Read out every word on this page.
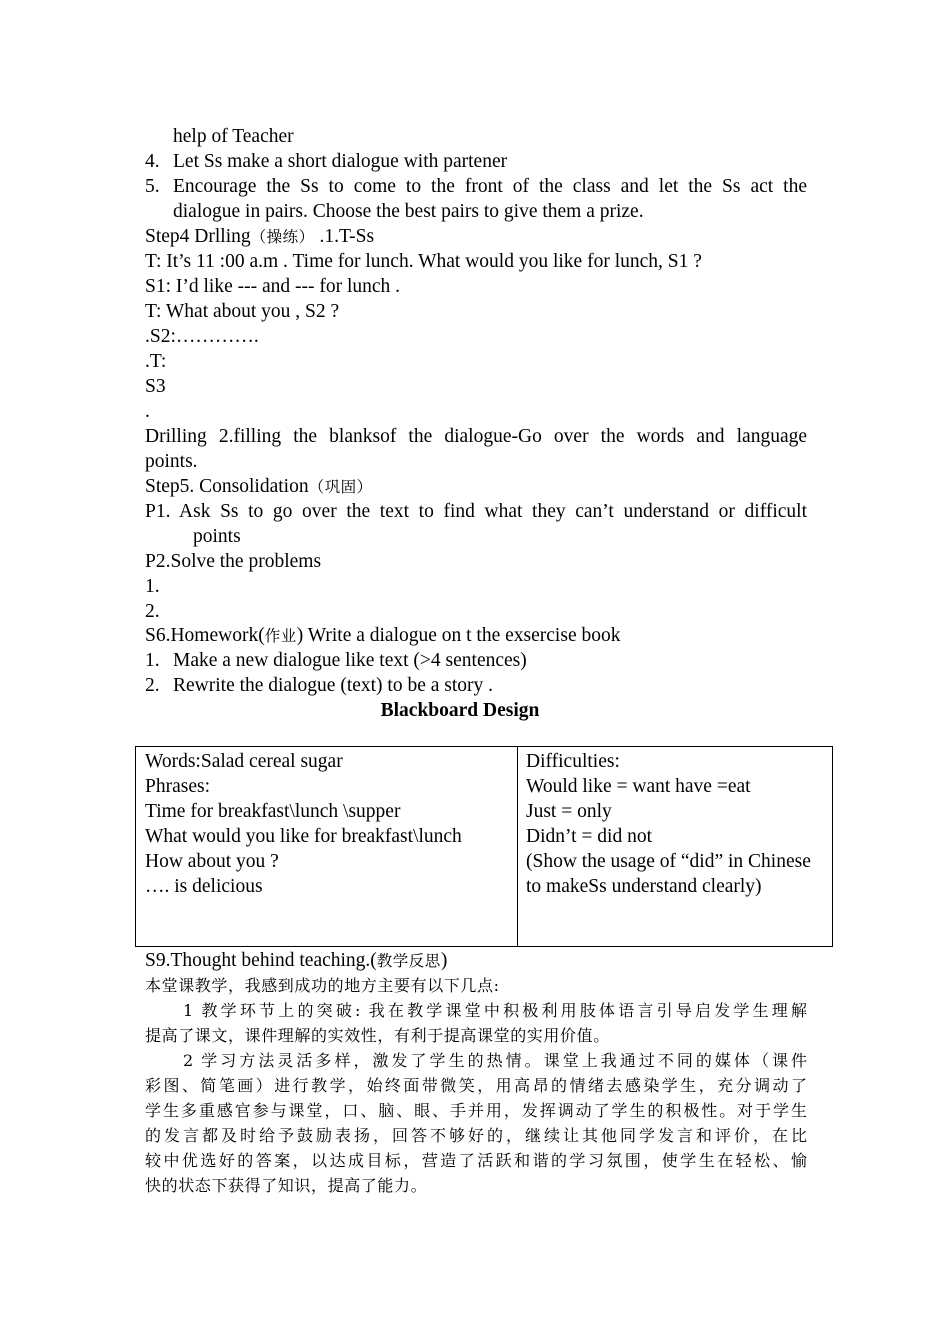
help of Teacher
4. Let Ss make a short dialogue with partener
5. Encourage the Ss to come to the front of the class and let the Ss act the
dialogue in pairs. Choose the best pairs to give them a prize.
Step4 Drlling（操练） .1.T-Ss
T: It’s 11 :00 a.m . Time for lunch. What would you like for lunch, S1 ?
S1: I’d like --- and --- for lunch .
T: What about you , S2 ?
.S2:………….
.T:
S3
.
Drilling 2.filling the blanksof the dialogue-Go over the words and language
points.
Step5. Consolidation（巩固）
P1. Ask Ss to go over the text to find what they can’t understand or difficult
points
P2.Solve the problems
1.
2.
S6.Homework(作业) Write a dialogue on t the exsercise book
1. Make a new dialogue like text (>4 sentences)
2. Rewrite the dialogue (text) to be a story .
Blackboard Design
Words:Salad cereal sugar
Phrases:
Time for breakfast\lunch \supper
What would you like for breakfast\lunch
How about you ?
…. is delicious
Difficulties:
Would like = want have =eat
Just = only
Didn’t = did not
(Show the usage of “did” in Chinese
to makeSs understand clearly)
S9.Thought behind teaching.(教学反思)
本堂课教学，我感到成功的地方主要有以下几点:
1 教学环节上的突破: 我在教学课堂中积极利用肢体语言引导启发学生理解
提高了课文，课件理解的实效性，有利于提高课堂的实用价值。
2 学习方法灵活多样，激发了学生的热情。课堂上我通过不同的媒体（课件
彩图、简笔画）进行教学，始终面带微笑，用高昂的情绪去感染学生，充分调动了
学生多重感官参与课堂，口、脑、眼、手并用，发挥调动了学生的积极性。对于学生
的发言都及时给予鼓励表扬，回答不够好的，继续让其他同学发言和评价，在比
较中优选好的答案，以达成目标，营造了活跃和谐的学习氛围，使学生在轻松、愉
快的状态下获得了知识，提高了能力。
